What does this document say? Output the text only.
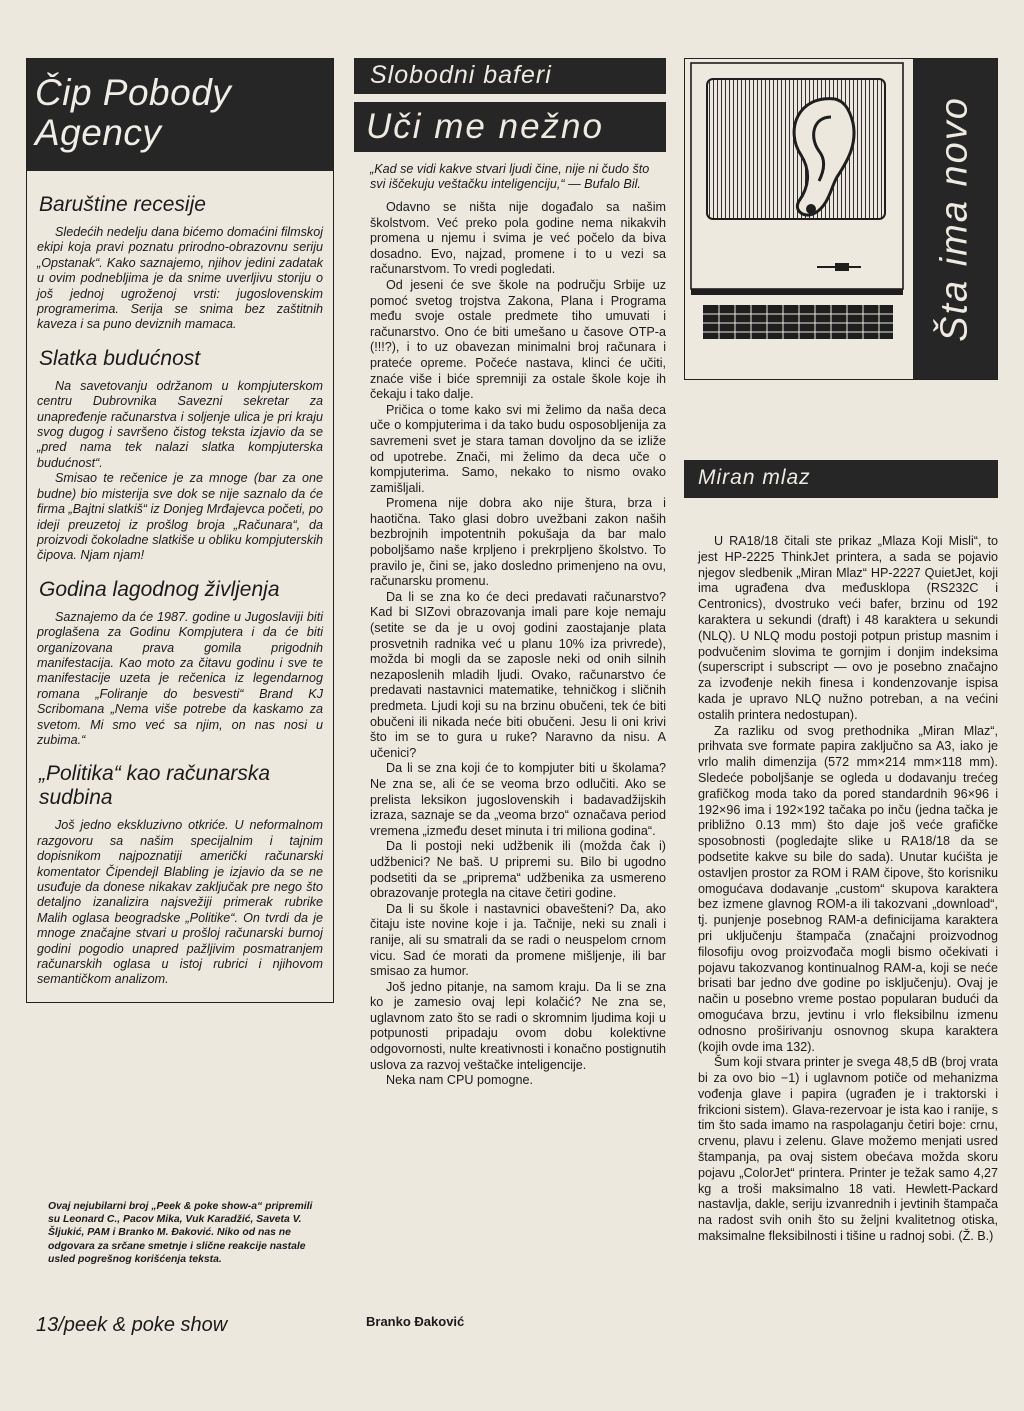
Čip Pobody
Agency
Baruštine recesije

Sledećih nedelju dana bićemo domaćini filmskoj ekipi koja pravi poznatu prirodno-obrazovnu seriju „Opstanak“. Kako saznajemo, njihov jedini zadatak u ovim podnebljima je da snime uverljivu storiju o još jednoj ugroženoj vrsti: jugoslovenskim programerima. Serija se snima bez zaštitnih kaveza i sa puno deviznih mamaca.

Slatka budućnost

Na savetovanju održanom u kompjuterskom centru Dubrovnika Savezni sekretar za unapređenje računarstva i soljenje ulica je pri kraju svog dugog i savršeno čistog teksta izjavio da se „pred nama tek nalazi slatka kompjuterska budućnost“.

Smisao te rečenice je za mnoge (bar za one budne) bio misterija sve dok se nije saznalo da će firma „Bajtni slatkiš“ iz Donjeg Mrđajevca početi, po ideji preuzetoj iz prošlog broja „Računara“, da proizvodi čokoladne slatkiše u obliku kompjuterskih čipova. Njam njam!

Godina lagodnog življenja

Saznajemo da će 1987. godine u Jugoslaviji biti proglašena za Godinu Kompjutera i da će biti organizovana prava gomila prigodnih manifestacija. Kao moto za čitavu godinu i sve te manifestacije uzeta je rečenica iz legendarnog romana „Foliranje do besvesti“ Brand KJ Scribomana „Nema više potrebe da kaskamo za svetom. Mi smo već sa njim, on nas nosi u zubima.“

„Politika“ kao računarska sudbina

Još jedno ekskluzivno otkriće. U neformalnom razgovoru sa našim specijalnim i tajnim dopisnikom najpoznatiji američki računarski komentator Čipendejl Blabling je izjavio da se ne usuđuje da donese nikakav zaključak pre nego što detaljno izanalizira najsvežiji primerak rubrike Malih oglasa beogradske „Politike“. On tvrdi da je mnoge značajne stvari u prošloj računarski burnoj godini pogodio unapred pažljivim posmatranjem računarskih oglasa u istoj rubrici i njihovom semantičkom analizom.

Ovaj nejubilarni broj „Peek & poke show-a“ pripremili su Leonard C., Pacov Mika, Vuk Karadžić, Saveta V. Šljukić, PAM i Branko M. Đaković. Niko od nas ne odgovara za srčane smetnje i slične reakcije nastale usled pogrešnog korišćenja teksta.
Slobodni baferi
Uči me nežno
„Kad se vidi kakve stvari ljudi čine, nije ni čudo što svi iščekuju veštačku inteligenciju,“ — Bufalo Bil.

Odavno se ništa nije događalo sa našim školstvom. Već preko pola godine nema nikakvih promena u njemu i svima je već počelo da biva dosadno. Evo, najzad, promene i to u vezi sa računarstvom. To vredi pogledati.

Od jeseni će sve škole na području Srbije uz pomoć svetog trojstva Zakona, Plana i Programa među svoje ostale predmete tiho umuvati i računarstvo. Ono će biti umešano u časove OTP-a (!!!?), i to uz obavezan minimalni broj računara i prateće opreme. Počeće nastava, klinci će učiti, znaće više i biće spremniji za ostale škole koje ih čekaju i tako dalje.

Pričica o tome kako svi mi želimo da naša deca uče o kompjuterima i da tako budu osposobljenija za savremeni svet je stara taman dovoljno da se izliže od upotrebe. Znači, mi želimo da deca uče o kompjuterima. Samo, nekako to nismo ovako zamišljali.

Promena nije dobra ako nije štura, brza i haotična. Tako glasi dobro uvežbani zakon naših bezbrojnih impotentnih pokušaja da bar malo poboljšamo naše krpljeno i prekrpljeno školstvo. To pravilo je, čini se, jako dosledno primenjeno na ovu, računarsku promenu.

Da li se zna ko će deci predavati računarstvo? Kad bi SIZovi obrazovanja imali pare koje nemaju (setite se da je u ovoj godini zaostajanje plata prosvetnih radnika već u planu 10% iza privrede), možda bi mogli da se zaposle neki od onih silnih nezaposlenih mladih ljudi. Ovako, računarstvo će predavati nastavnici matematike, tehničkog i sličnih predmeta. Ljudi koji su na brzinu obučeni, tek će biti obučeni ili nikada neće biti obučeni. Jesu li oni krivi što im se to gura u ruke? Naravno da nisu. A učenici?

Da li se zna koji će to kompjuter biti u školama? Ne zna se, ali će se veoma brzo odlučiti. Ako se prelista leksikon jugoslovenskih i badavadžijskih izraza, saznaje se da „veoma brzo“ označava period vremena „između deset minuta i tri miliona godina“.

Da li postoji neki udžbenik ili (možda čak i) udžbenici? Ne baš. U pripremi su. Bilo bi ugodno podsetiti da se „priprema“ udžbenika za usmereno obrazovanje protegla na citave četiri godine.

Da li su škole i nastavnici obavešteni? Da, ako čitaju iste novine koje i ja. Tačnije, neki su znali i ranije, ali su smatrali da se radi o neuspelom crnom vicu. Sad će morati da promene mišljenje, ili bar smisao za humor.

Još jedno pitanje, na samom kraju. Da li se zna ko je zamesio ovaj lepi kolačić? Ne zna se, uglavnom zato što se radi o skromnim ljudima koji u potpunosti pripadaju ovom dobu kolektivne odgovornosti, nulte kreativnosti i konačno postignutih uslova za razvoj veštačke inteligencije.

Neka nam CPU pomogne.

Branko Đaković
Šta ima novo
Miran mlaz

U RA18/18 čitali ste prikaz „Mlaza Koji Misli“, to jest HP-2225 ThinkJet printera, a sada se pojavio njegov sledbenik „Miran Mlaz“ HP-2227 QuietJet, koji ima ugrađena dva međusklopa (RS232C i Centronics), dvostruko veći bafer, brzinu od 192 karaktera u sekundi (draft) i 48 karaktera u sekundi (NLQ). U NLQ modu postoji potpun pristup masnim i podvučenim slovima te gornjim i donjim indeksima (superscript i subscript — ovo je posebno značajno za izvođenje nekih finesa i kondenzovanje ispisa kada je upravo NLQ nužno potreban, a na većini ostalih printera nedostupan).

Za razliku od svog prethodnika „Miran Mlaz“, prihvata sve formate papira zaključno sa A3, iako je vrlo malih dimenzija (572 mm×214 mm×118 mm). Sledeće poboljšanje se ogleda u dodavanju trećeg grafičkog moda tako da pored standardnih 96×96 i 192×96 ima i 192×192 tačaka po inču (jedna tačka je približno 0.13 mm) što daje još veće grafičke sposobnosti (pogledajte slike u RA18/18 da se podsetite kakve su bile do sada). Unutar kućišta je ostavljen prostor za ROM i RAM čipove, što korisniku omogućava dodavanje „custom“ skupova karaktera bez izmene glavnog ROM-a ili takozvani „download“, tj. punjenje posebnog RAM-a definicijama karaktera pri uključenju štampača (značajni proizvodnog filosofiju ovog proizvođača mogli bismo očekivati i pojavu takozvanog kontinualnog RAM-a, koji se neće brisati bar jedno dve godine po isključenju). Ovaj je način u posebno vreme postao popularan budući da omogućava brzu, jevtinu i vrlo fleksibilnu izmenu odnosno proširivanju osnovnog skupa karaktera (kojih ovde ima 132).

Šum koji stvara printer je svega 48,5 dB (broj vrata bi za ovo bio −1) i uglavnom potiče od mehanizma vođenja glave i papira (ugrađen je i traktorski i frikcioni sistem). Glava-rezervoar je ista kao i ranije, s tim što sada imamo na raspolaganju četiri boje: crnu, crvenu, plavu i zelenu. Glave možemo menjati usred štampanja, pa ovaj sistem obećava možda skoru pojavu „ColorJet“ printera. Printer je težak samo 4,27 kg a troši maksimalno 18 vati. Hewlett-Packard nastavlja, dakle, seriju izvanrednih i jevtinih štampača na radost svih onih što su željni kvalitetnog otiska, maksimalne fleksibilnosti i tišine u radnoj sobi. (Ž. B.)

13/peek & poke show
